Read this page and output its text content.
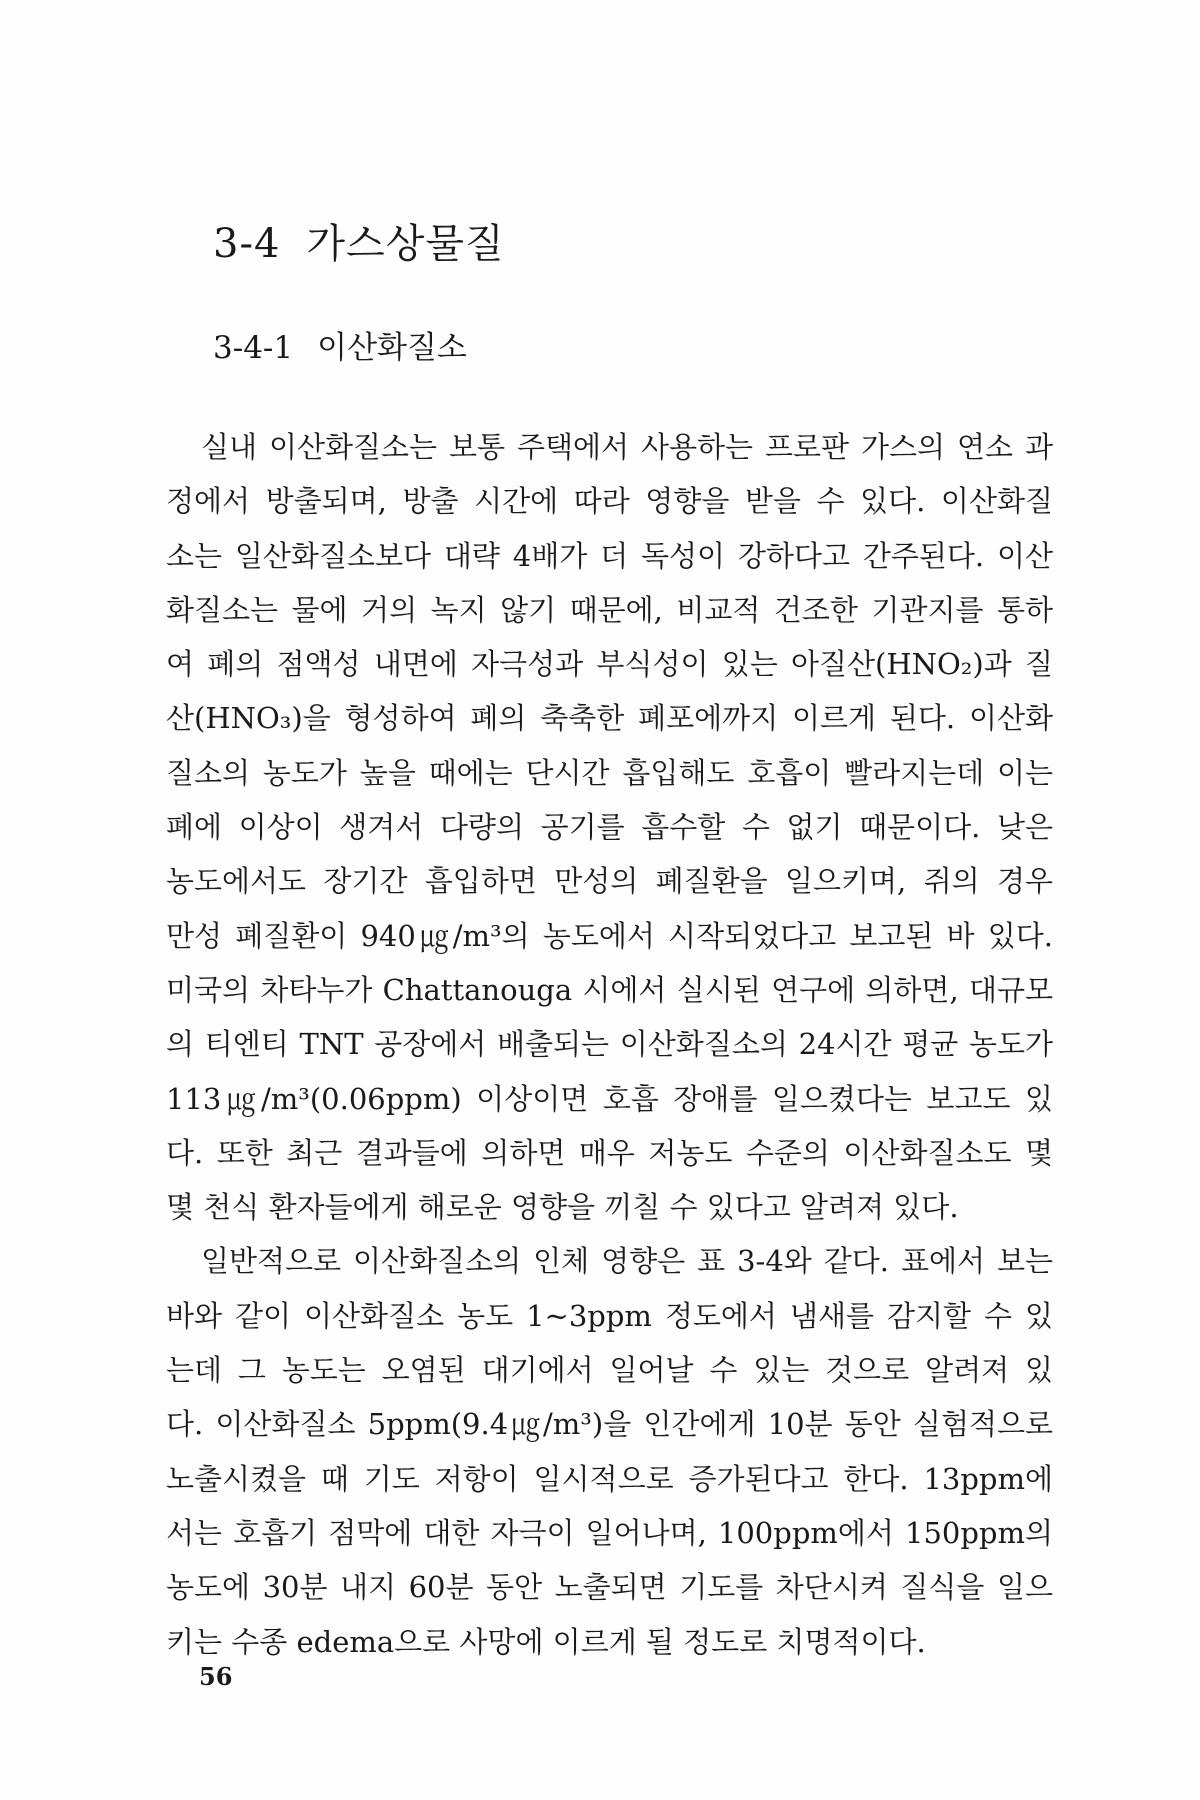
3-4 가스상물질
3-4-1 이산화질소
실내 이산화질소는 보통 주택에서 사용하는 프로판 가스의 연소 과
정에서 방출되며, 방출 시간에 따라 영향을 받을 수 있다. 이산화질
소는 일산화질소보다 대략 4배가 더 독성이 강하다고 간주된다. 이산
화질소는 물에 거의 녹지 않기 때문에, 비교적 건조한 기관지를 통하
여 폐의 점액성 내면에 자극성과 부식성이 있는 아질산(HNO₂)과 질
산(HNO₃)을 형성하여 폐의 축축한 폐포에까지 이르게 된다. 이산화
질소의 농도가 높을 때에는 단시간 흡입해도 호흡이 빨라지는데 이는
폐에 이상이 생겨서 다량의 공기를 흡수할 수 없기 때문이다. 낮은
농도에서도 장기간 흡입하면 만성의 폐질환을 일으키며, 쥐의 경우
만성 폐질환이 940㎍/m³의 농도에서 시작되었다고 보고된 바 있다.
미국의 차타누가 Chattanouga 시에서 실시된 연구에 의하면, 대규모
의 티엔티 TNT 공장에서 배출되는 이산화질소의 24시간 평균 농도가
113㎍/m³(0.06ppm) 이상이면 호흡 장애를 일으켰다는 보고도 있
다. 또한 최근 결과들에 의하면 매우 저농도 수준의 이산화질소도 몇
몇 천식 환자들에게 해로운 영향을 끼칠 수 있다고 알려져 있다.
일반적으로 이산화질소의 인체 영향은 표 3-4와 같다. 표에서 보는
바와 같이 이산화질소 농도 1∼3ppm 정도에서 냄새를 감지할 수 있
는데 그 농도는 오염된 대기에서 일어날 수 있는 것으로 알려져 있
다. 이산화질소 5ppm(9.4㎍/m³)을 인간에게 10분 동안 실험적으로
노출시켰을 때 기도 저항이 일시적으로 증가된다고 한다. 13ppm에
서는 호흡기 점막에 대한 자극이 일어나며, 100ppm에서 150ppm의
농도에 30분 내지 60분 동안 노출되면 기도를 차단시켜 질식을 일으
키는 수종 edema으로 사망에 이르게 될 정도로 치명적이다.
56
